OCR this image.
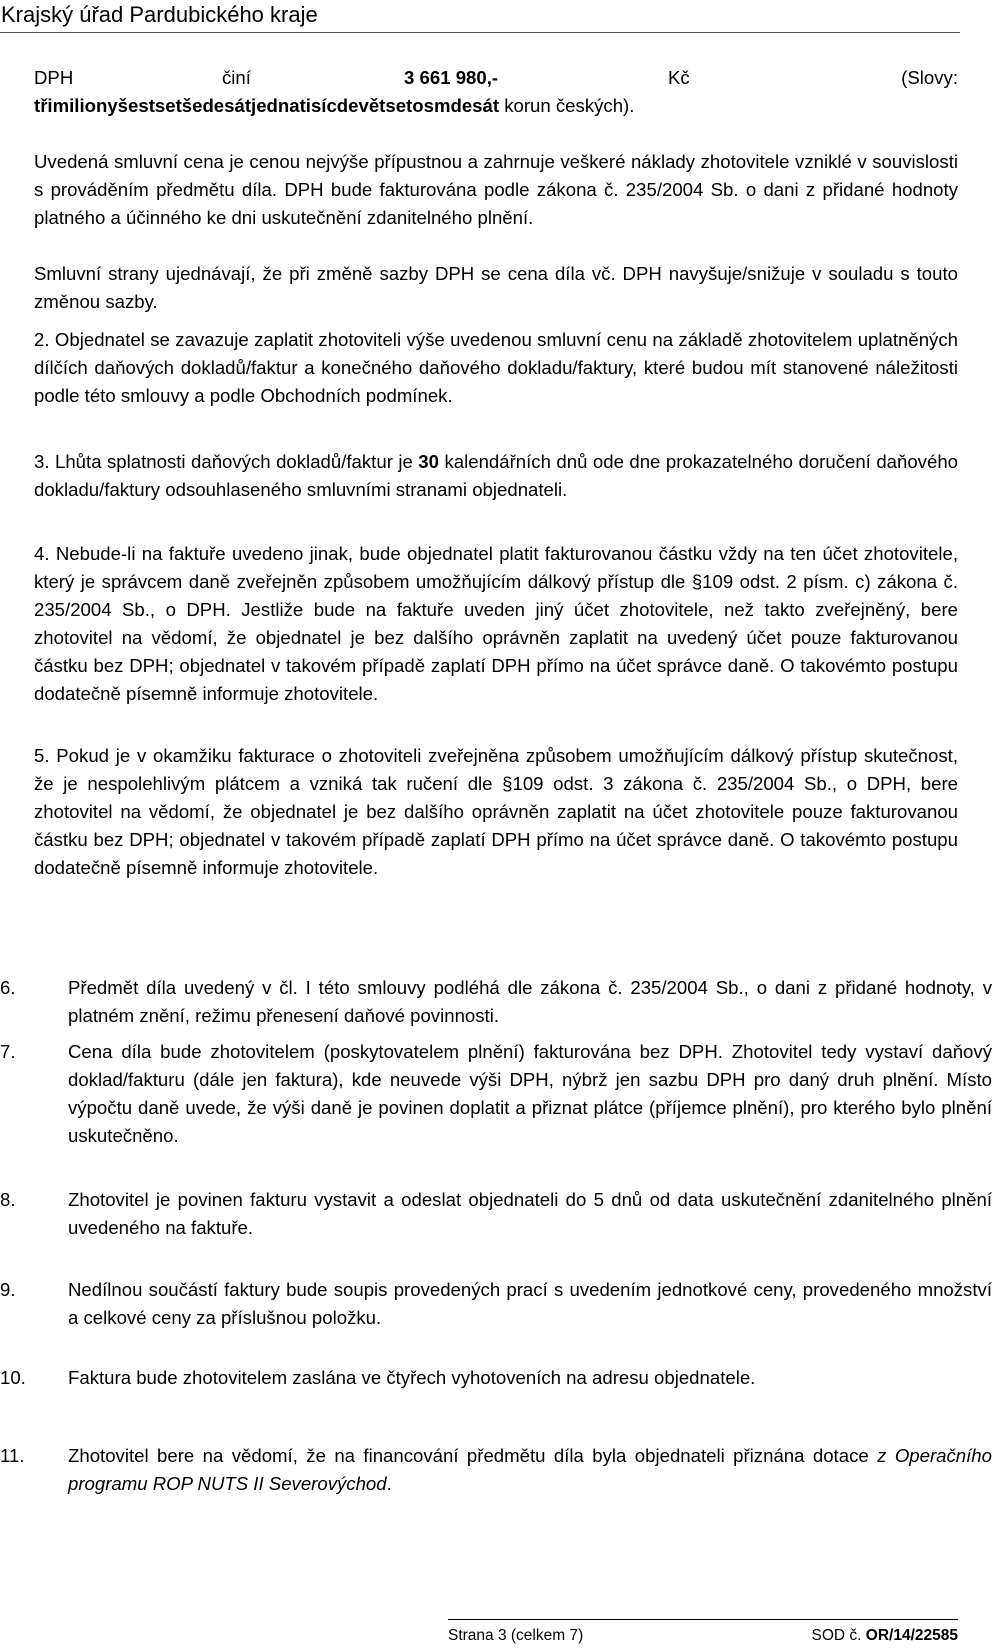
Krajský úřad Pardubického kraje
DPH	činí	3 661 980,-	Kč	(Slovy:
třimilionyšestsetšedesátjednatisícdevětsetosmdesát korun českých).

Uvedená smluvní cena je cenou nejvýše přípustnou a zahrnuje veškeré náklady zhotovitele vzniklé v souvislosti s prováděním předmětu díla. DPH bude fakturována podle zákona č. 235/2004 Sb. o dani z přidané hodnoty platného a účinného ke dni uskutečnění zdanitelného plnění.

Smluvní strany ujednávají, že při změně sazby DPH se cena díla vč. DPH navyšuje/snižuje v souladu s touto změnou sazby.

2. Objednatel se zavazuje zaplatit zhotoviteli výše uvedenou smluvní cenu na základě zhotovitelem uplatněných dílčích daňových dokladů/faktur a konečného daňového dokladu/faktury, které budou mít stanovené náležitosti podle této smlouvy a podle Obchodních podmínek.

3. Lhůta splatnosti daňových dokladů/faktur je 30 kalendářních dnů ode dne prokazatelného doručení daňového dokladu/faktury odsouhlaseného smluvními stranami objednateli.

4. Nebude-li na faktuře uvedeno jinak, bude objednatel platit fakturovanou částku vždy na ten účet zhotovitele, který je správcem daně zveřejněn způsobem umožňujícím dálkový přístup dle §109 odst. 2 písm. c) zákona č. 235/2004 Sb., o DPH. Jestliže bude na faktuře uveden jiný účet zhotovitele, než takto zveřejněný, bere zhotovitel na vědomí, že objednatel je bez dalšího oprávněn zaplatit na uvedený účet pouze fakturovanou částku bez DPH; objednatel v takovém případě zaplatí DPH přímo na účet správce daně. O takovémto postupu dodatečně písemně informuje zhotovitele.

5. Pokud je v okamžiku fakturace o zhotoviteli zveřejněna způsobem umožňujícím dálkový přístup skutečnost, že je nespolehlivým plátcem a vzniká tak ručení dle §109 odst. 3 zákona č. 235/2004 Sb., o DPH, bere zhotovitel na vědomí, že objednatel je bez dalšího oprávněn zaplatit na účet zhotovitele pouze fakturovanou částku bez DPH; objednatel v takovém případě zaplatí DPH přímo na účet správce daně. O takovémto postupu dodatečně písemně informuje zhotovitele.

6.	Předmět díla uvedený v čl. I této smlouvy podléhá dle zákona č. 235/2004 Sb., o dani z přidané hodnoty, v platném znění, režimu přenesení daňové povinnosti.

7.	Cena díla bude zhotovitelem (poskytovatelem plnění) fakturována bez DPH. Zhotovitel tedy vystaví daňový doklad/fakturu (dále jen faktura), kde neuvede výši DPH, nýbrž jen sazbu DPH pro daný druh plnění. Místo výpočtu daně uvede, že výši daně je povinen doplatit a přiznat plátce (příjemce plnění), pro kterého bylo plnění uskutečněno.

8.	Zhotovitel je povinen fakturu vystavit a odeslat objednateli do 5 dnů od data uskutečnění zdanitelného plnění uvedeného na faktuře.

9.	Nedílnou součástí faktury bude soupis provedených prací s uvedením jednotkové ceny, provedeného množství a celkové ceny za příslušnou položku.

10. Faktura bude zhotovitelem zaslána ve čtyřech vyhotoveních na adresu objednatele.

11. Zhotovitel bere na vědomí, že na financování předmětu díla byla objednateli přiznána dotace z Operačního programu ROP NUTS II Severovýchod.

Strana 3 (celkem 7)	SOD č. OR/14/22585
